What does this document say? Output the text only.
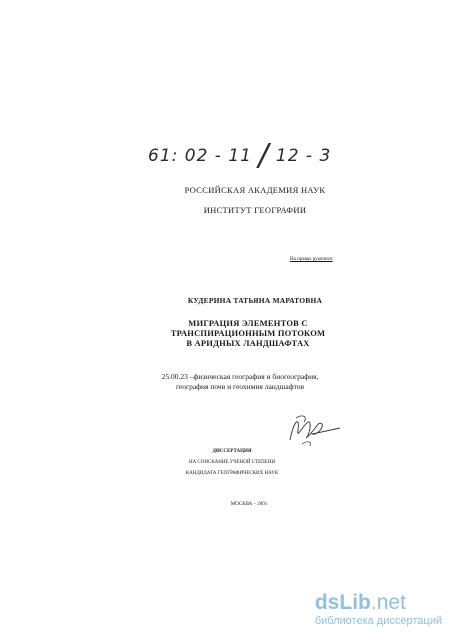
61: 02 - 11 / 12 - 3
РОССИЙСКАЯ АКАДЕМИЯ НАУК
ИНСТИТУТ ГЕОГРАФИИ
На правах рукописи
КУДЕРИНА ТАТЬЯНА МАРАТОВНА
МИГРАЦИЯ ЭЛЕМЕНТОВ С
ТРАНСПИРАЦИОННЫМ ПОТОКОМ
В АРИДНЫХ ЛАНДШАФТАХ
25.00.23 –физическая география и биогеография,
география почв и геохимия ландшафтов
ДИССЕРТАЦИЯ
НА СОИСКАНИЕ УЧЕНОЙ СТЕПЕНИ
КАНДИДАТА ГЕОГРАФИЧЕСКИХ НАУК
МОСКВА – 2001
dsLib.net
библиотека диссертаций
